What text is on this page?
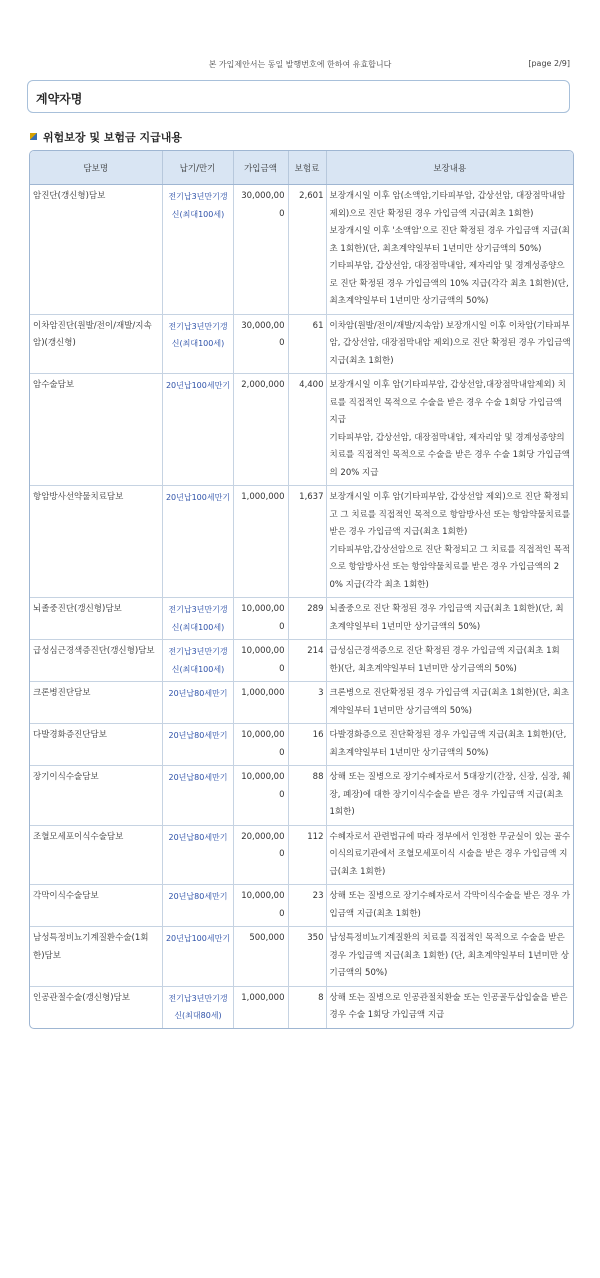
본 가입제안서는 동일 발행번호에 한하여 유효합니다	[page 2/9]
계약자명
위험보장 및 보험금 지급내용
담보명	납기/만기	가입금액	보험료	보장내용
암진단(갱신형)담보	전기납3년만기갱신(최대100세)	30,000,000	2,601	보장개시일 이후 암(소액암,기타피부암, 갑상선암, 대장점막내암 제외)으로 진단 확정된 경우 가입금액 지급(최초 1회한)
보장개시일 이후 '소액암'으로 진단 확정된 경우 가입금액 지급(최초 1회한)(단, 최초계약일부터 1년미만 상기금액의 50%)
기타피부암, 갑상선암, 대장점막내암, 제자리암 및 경계성종양으로 진단 확정된 경우 가입금액의 10% 지급(각각 최초 1회한)(단, 최초계약일부터 1년미만 상기금액의 50%)

이차암진단(원발/전이/재발/지속암)(갱신형)	전기납3년만기갱신(최대100세)	30,000,000	61	이차암(원발/전이/재발/지속암) 보장개시일 이후 이차암(기타피부암, 갑상선암, 대장점막내암 제외)으로 진단 확정된 경우 가입금액지급(최초 1회한)

암수술담보	20년납100세만기	2,000,000	4,400	보장개시일 이후 암(기타피부암, 갑상선암,대장점막내암제외) 치료를 직접적인 목적으로 수술을 받은 경우 수술 1회당 가입금액 지급
기타피부암, 갑상선암, 대장점막내암, 제자리암 및 경계성종양의 치료를 직접적인 목적으로 수술을 받은 경우 수술 1회당 가입금액의 20% 지급

항암방사선약물치료담보	20년납100세만기	1,000,000	1,637	보장개시일 이후 암(기타피부암, 갑상선암 제외)으로 진단 확정되고 그 치료를 직접적인 목적으로 항암방사선 또는 항암약물치료를 받은 경우 가입금액 지급(최초 1회한)
기타피부암,갑상선암으로 진단 확정되고 그 치료를 직접적인 목적으로 항암방사선 또는 항암약물치료를 받은 경우 가입금액의 20% 지급(각각 최초 1회한)

뇌졸중진단(갱신형)담보	전기납3년만기갱신(최대100세)	10,000,000	289	뇌졸중으로 진단 확정된 경우 가입금액 지급(최초 1회한)(단, 최초계약일부터 1년미만 상기금액의 50%)

급성심근경색증진단(갱신형)담보	전기납3년만기갱신(최대100세)	10,000,000	214	급성심근경색증으로 진단 확정된 경우 가입금액 지급(최초 1회한)(단, 최초계약일부터 1년미만 상기금액의 50%)

크론병진단담보	20년납80세만기	1,000,000	3	크론병으로 진단확정된 경우 가입금액 지급(최초 1회한)(단, 최초계약일부터 1년미만 상기금액의 50%)

다발경화증진단담보	20년납80세만기	10,000,000	16	다발경화증으로 진단확정된 경우 가입금액 지급(최초 1회한)(단, 최초계약일부터 1년미만 상기금액의 50%)

장기이식수술담보	20년납80세만기	10,000,000	88	상해 또는 질병으로 장기수혜자로서 5대장기(간장, 신장, 심장, 췌장, 폐장)에 대한 장기이식수술을 받은 경우 가입금액 지급(최초 1회한)

조혈모세포이식수술담보	20년납80세만기	20,000,000	112	수혜자로서 관련법규에 따라 정부에서 인정한 무균실이 있는 골수이식의료기관에서 조혈모세포이식 시술을 받은 경우 가입금액 지급(최초 1회한)

각막이식수술담보	20년납80세만기	10,000,000	23	상해 또는 질병으로 장기수혜자로서 각막이식수술을 받은 경우 가입금액 지급(최초 1회한)

남성특정비뇨기계질환수술(1회한)담보	20년납100세만기	500,000	350	남성특정비뇨기계질환의 치료를 직접적인 목적으로 수술을 받은 경우 가입금액 지급(최초 1회한) (단, 최초계약일부터 1년미만 상기금액의 50%)

인공관절수술(갱신형)담보	전기납3년만기갱신(최대80세)	1,000,000	8	상해 또는 질병으로 인공관절치환술 또는 인공골두삽입술을 받은 경우 수술 1회당 가입금액 지급
